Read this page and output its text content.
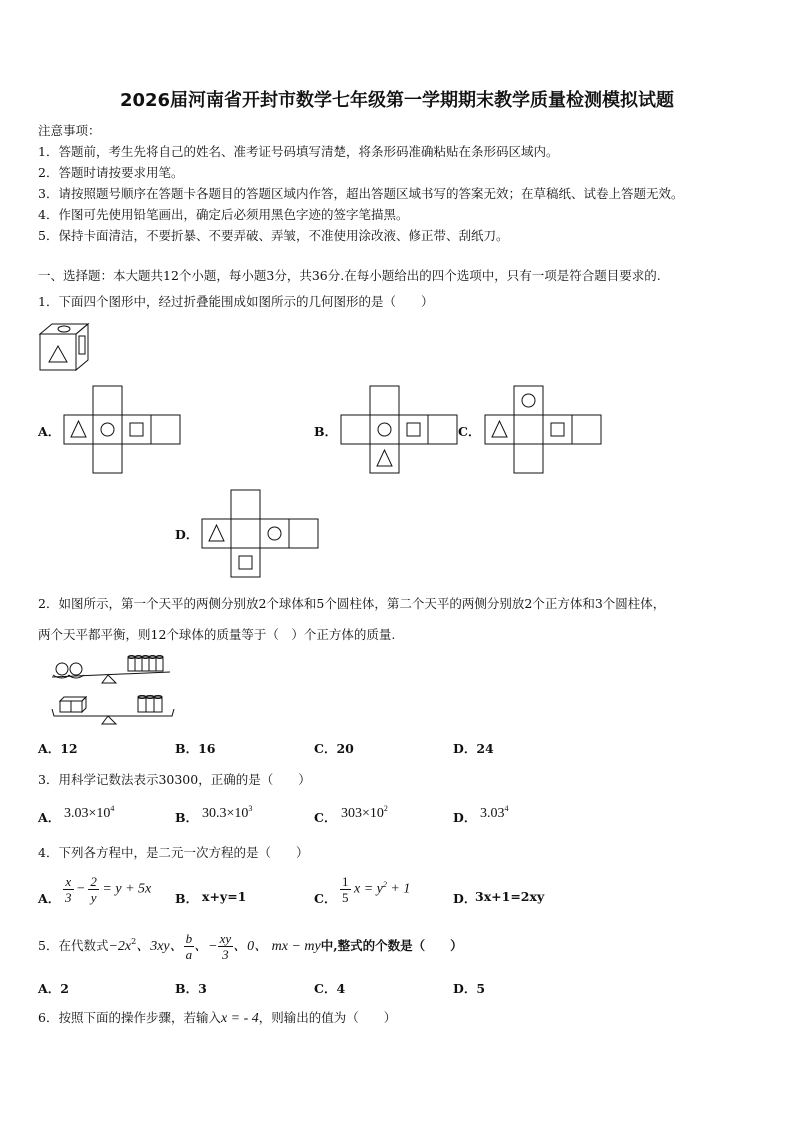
2026届河南省开封市数学七年级第一学期期末教学质量检测模拟试题
注意事项：
1．答题前，考生先将自己的姓名、准考证号码填写清楚，将条形码准确粘贴在条形码区域内。
2．答题时请按要求用笔。
3．请按照题号顺序在答题卡各题目的答题区域内作答，超出答题区域书写的答案无效；在草稿纸、试卷上答题无效。
4．作图可先使用铅笔画出，确定后必须用黑色字迹的签字笔描黑。
5．保持卡面清洁，不要折暴、不要弄破、弄皱，不准使用涂改液、修正带、刮纸刀。
一、选择题：本大题共12个小题，每小题3分，共36分.在每小题给出的四个选项中，只有一项是符合题目要求的.
1．下面四个图形中，经过折叠能围成如图所示的几何图形的是（　　）
A．	B．	C．
D．
2．如图所示，第一个天平的两侧分别放2个球体和5个圆柱体，第二个天平的两侧分别放2个正方体和3个圆柱体，
两个天平都平衡，则12个球体的质量等于（　）个正方体的质量.
A．12	B．16	C．20	D．24
3．用科学记数法表示30300，正确的是（　　）
A． $3.03\times 10^4$
B． $30.3\times 10^3$
C． $303\times 10^2$
D． 3.03$^4$
4．下列各方程中，是二元一次方程的是（　　）
A． $\frac{x}{3} - \frac{2}{y} = y + 5x$
B． x+y=1	C． $\frac{1}{5}$ $x = y^2 + 1$
D．
3x+1=2xy
5．在代数式$-2x^2$、3xy、 $\frac{b}{a}$ 、− $\frac{xy}{3}$ 、0、 mx − my中,整式的个数是（　　）
A．2	B．3	C．4	D．5
6．按照下面的操作步骤，若输入x = - 4，则输出的值为（　　）
